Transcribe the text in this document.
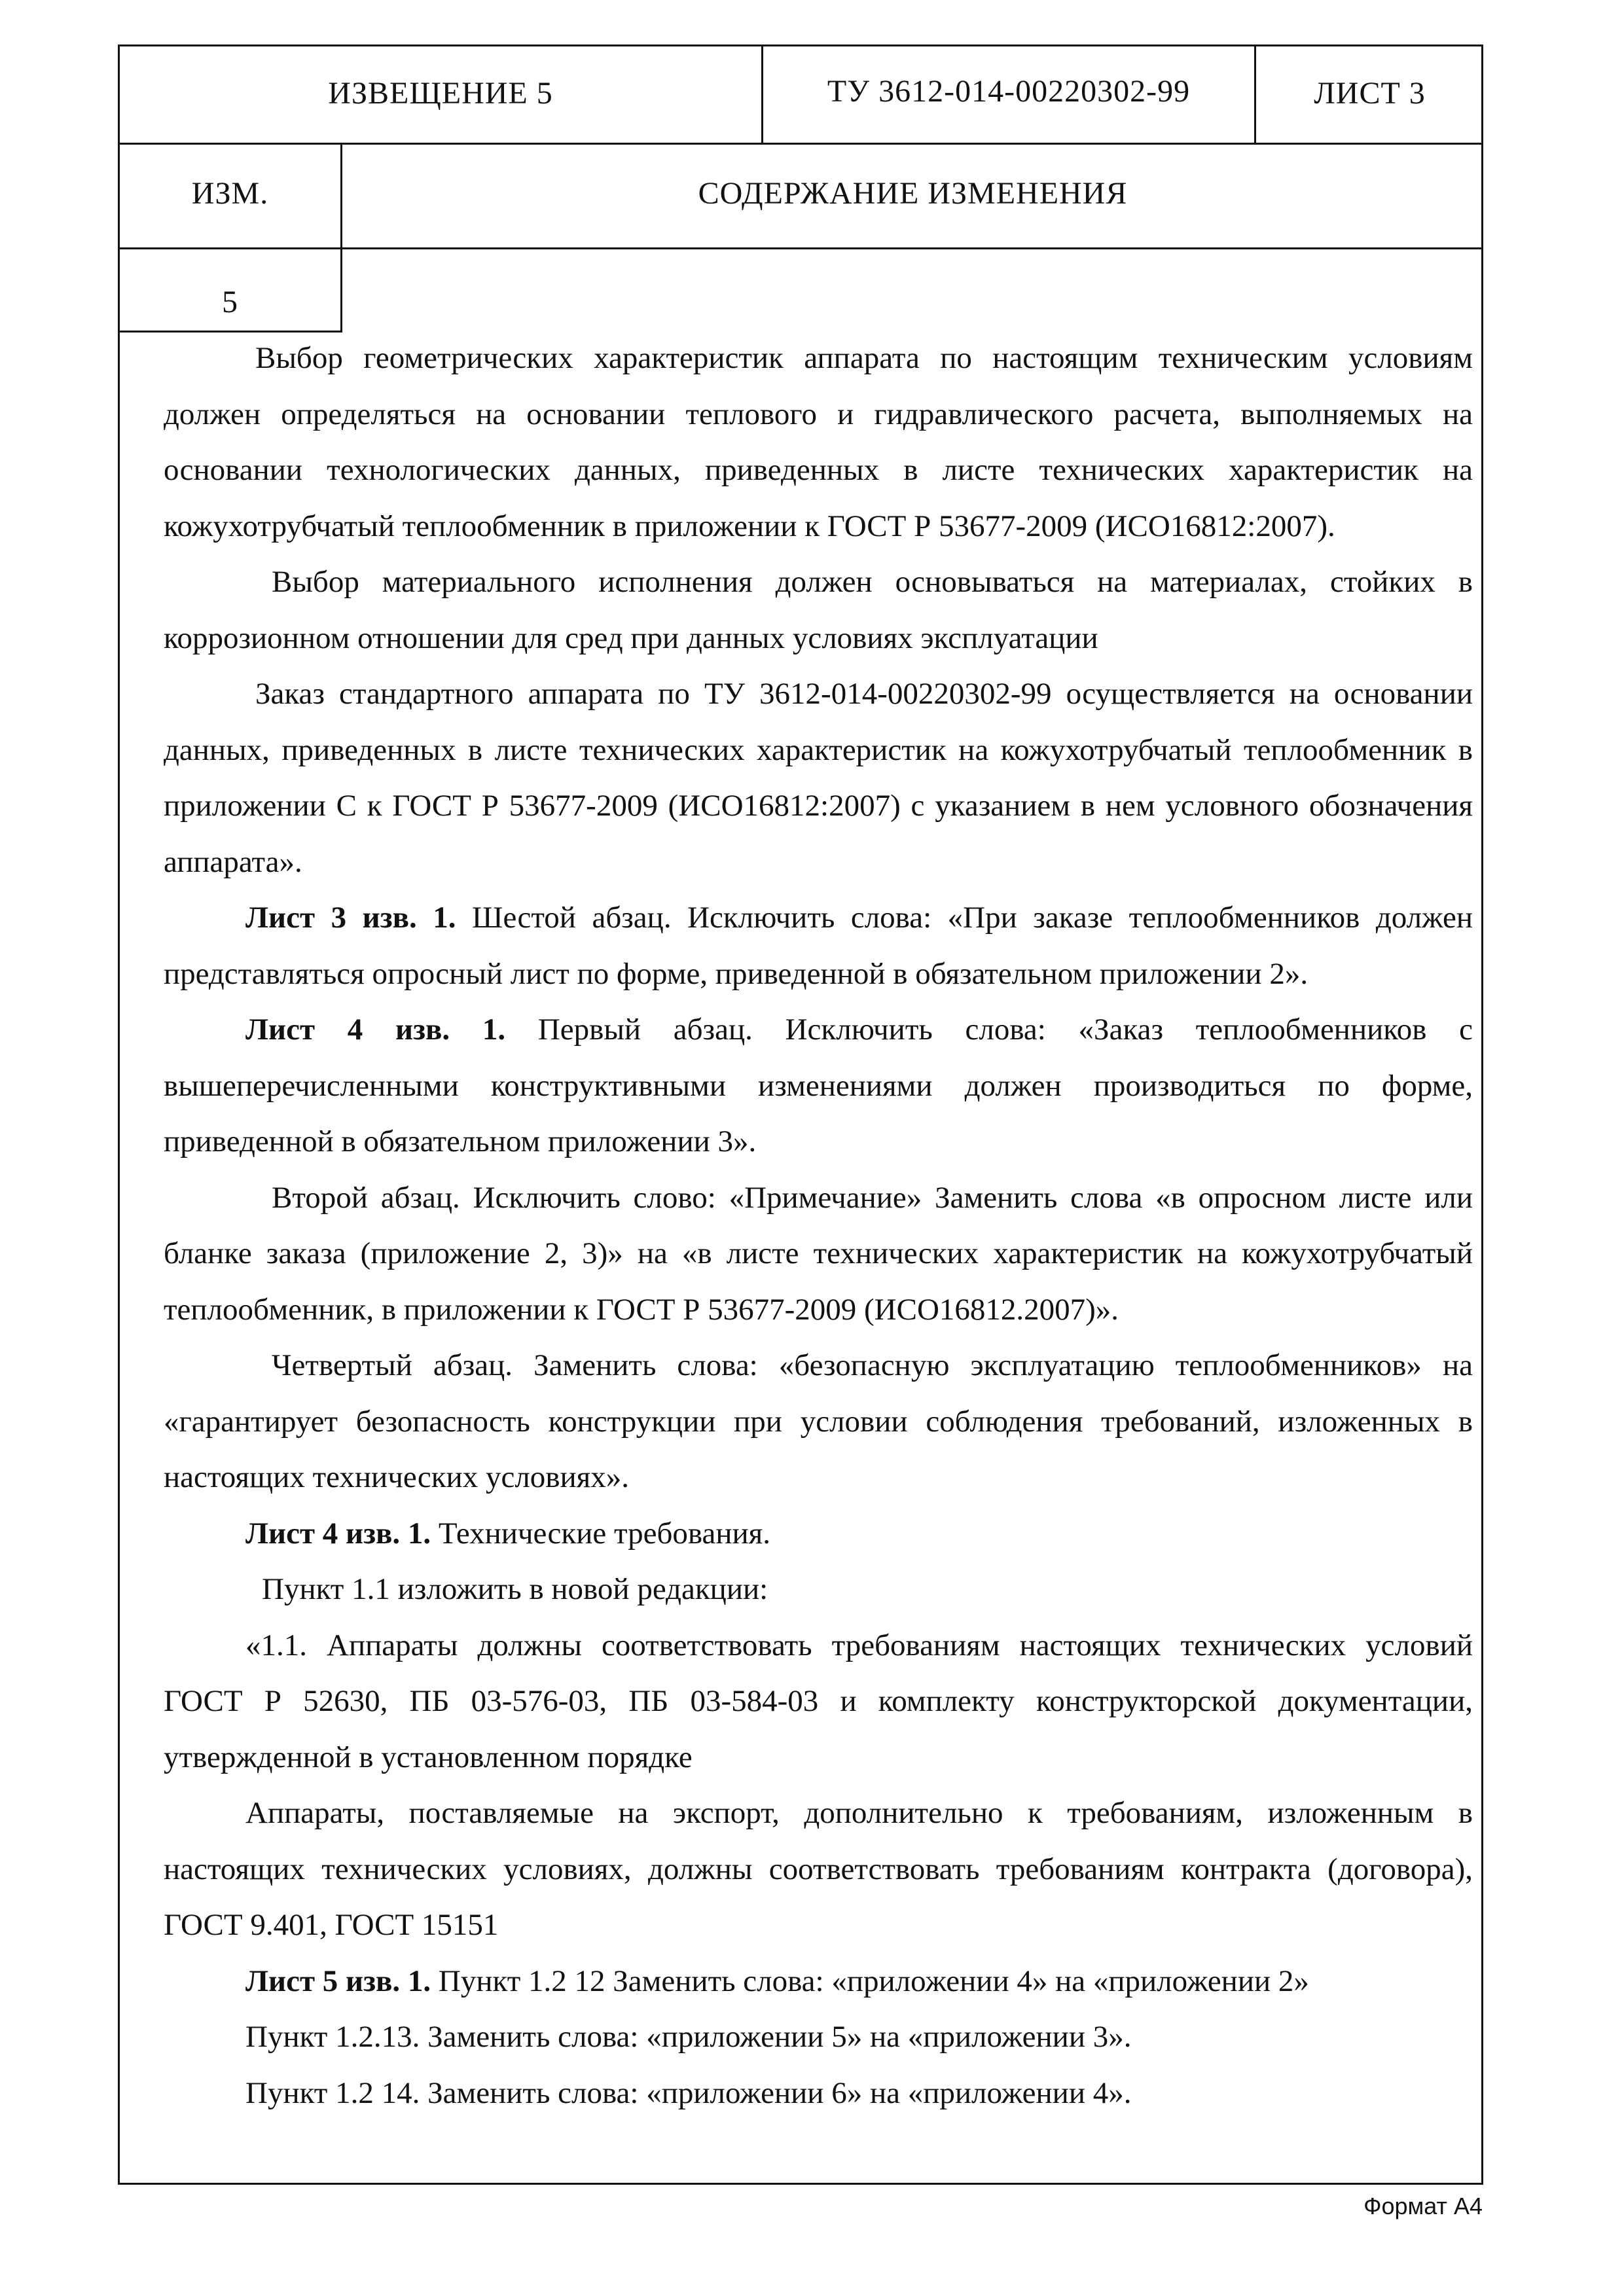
ИЗВЕЩЕНИЕ 5	ТУ 3612-014-00220302-99	ЛИСТ 3
ИЗМ.	СОДЕРЖАНИЕ ИЗМЕНЕНИЯ
5

Выбор геометрических характеристик аппарата по настоящим техническим условиям должен определяться на основании теплового и гидравлического расчета, выполняемых на основании технологических данных, приведенных в листе технических характеристик на кожухотрубчатый теплообменник в приложении к ГОСТ Р 53677-2009 (ИСО16812:2007).

Выбор материального исполнения должен основываться на материалах, стойких в коррозионном отношении для сред при данных условиях эксплуатации

Заказ стандартного аппарата по ТУ 3612-014-00220302-99 осуществляется на основании данных, приведенных в листе технических характеристик на кожухотрубчатый теплообменник в приложении С к ГОСТ Р 53677-2009 (ИСО16812:2007) с указанием в нем условного обозначения аппарата».

Лист 3 изв. 1. Шестой абзац. Исключить слова: «При заказе теплообменников должен представляться опросный лист по форме, приведенной в обязательном приложении 2».

Лист 4 изв. 1. Первый абзац. Исключить слова: «Заказ теплообменников с вышеперечисленными конструктивными изменениями должен производиться по форме, приведенной в обязательном приложении 3».

Второй абзац. Исключить слово: «Примечание» Заменить слова «в опросном листе или бланке заказа (приложение 2, 3)» на «в листе технических характеристик на кожухотрубчатый теплообменник, в приложении к ГОСТ Р 53677-2009 (ИСО16812.2007)».

Четвертый абзац. Заменить слова: «безопасную эксплуатацию теплообменников» на «гарантирует безопасность конструкции при условии соблюдения требований, изложенных в настоящих технических условиях».

Лист 4 изв. 1. Технические требования.

Пункт 1.1 изложить в новой редакции:

«1.1. Аппараты должны соответствовать требованиям настоящих технических условий ГОСТ Р 52630, ПБ 03-576-03, ПБ 03-584-03 и комплекту конструкторской документации, утвержденной в установленном порядке

Аппараты, поставляемые на экспорт, дополнительно к требованиям, изложенным в настоящих технических условиях, должны соответствовать требованиям контракта (договора), ГОСТ 9.401, ГОСТ 15151

Лист 5 изв. 1. Пункт 1.2 12 Заменить слова: «приложении 4» на «приложении 2»

Пункт 1.2.13. Заменить слова: «приложении 5» на «приложении 3».

Пункт 1.2 14. Заменить слова: «приложении 6» на «приложении 4».

Формат А4
